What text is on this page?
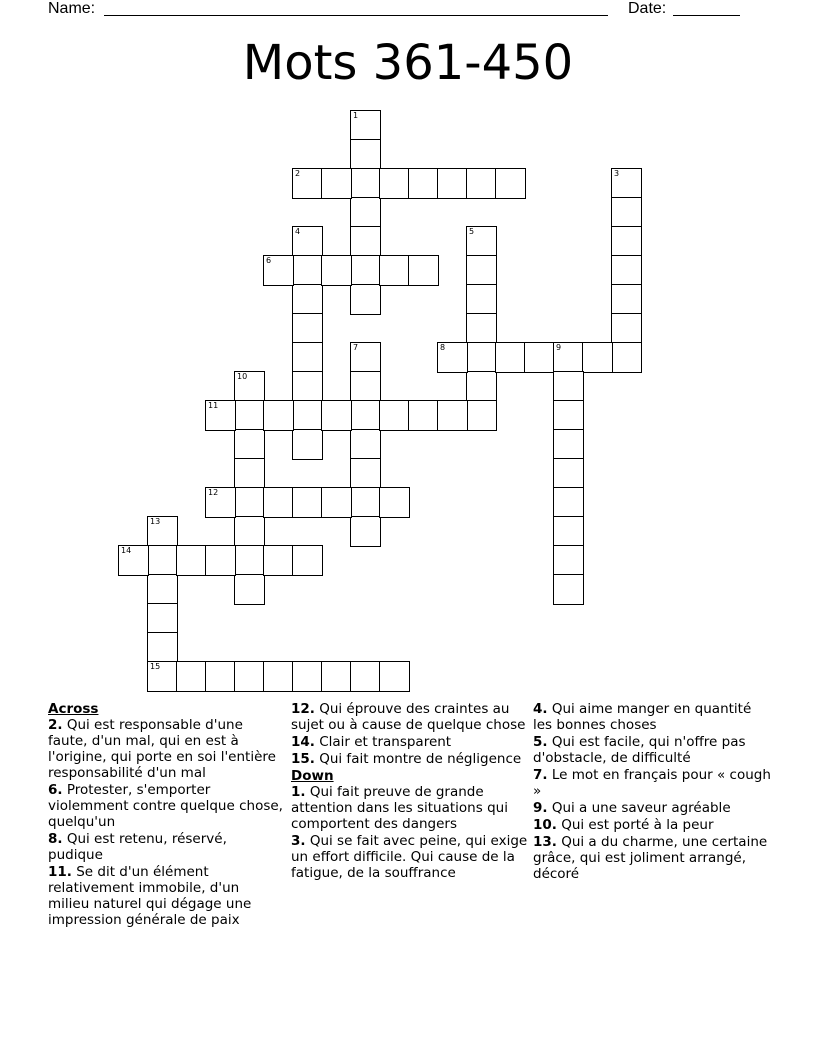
Name:	Date:
Mots 361-450
1
2	3
4	5
6
7	8	9
10
11
12
13
15
14

Across

2. Qui est responsable d'une faute, d'un mal, qui en est à l'origine, qui porte en soi l'entière responsabilité d'un mal

6. Protester, s'emporter violemment contre quelque chose, quelqu'un

8. Qui est retenu, réservé, pudique

11. Se dit d'un élément relativement immobile, d'un milieu naturel qui dégage une impression générale de paix

12. Qui éprouve des craintes au sujet ou à cause de quelque chose

14. Clair et transparent

15. Qui fait montre de négligence

Down

1. Qui fait preuve de grande attention dans les situations qui comportent des dangers

3. Qui se fait avec peine, qui exige un effort difficile. Qui cause de la fatigue, de la souffrance

4. Qui aime manger en quantité les bonnes choses

5. Qui est facile, qui n'offre pas d'obstacle, de difficulté

7. Le mot en français pour « cough »

9. Qui a une saveur agréable

10. Qui est porté à la peur

13. Qui a du charme, une certaine grâce, qui est joliment arrangé, décoré
